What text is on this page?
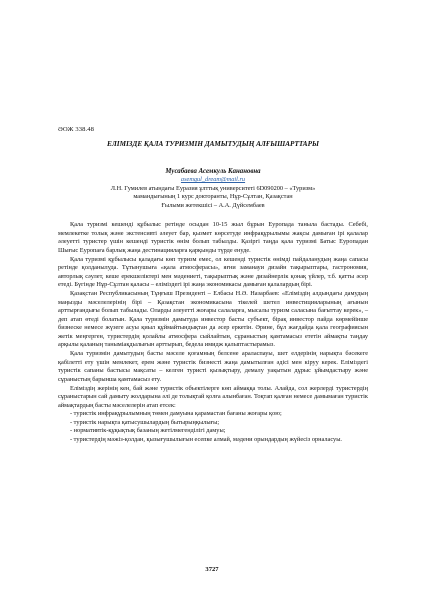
ӘОЖ 338.48
ЕЛІМІЗДЕ ҚАЛА ТУРИЗМІН ДАМЫТУДЫҢ АЛҒЫШАРТТАРЫ
Мусабаева Асемкуль Канановна
asemgul_dream@mail.ru
Л.Н. Гумилев атындағы Еуразия ұлттық университеті 6D090200 – «Туризм»
мамандығының 1 курс докторанты, Нұр-Сұлтан, Қазақстан
Ғылыми жетекшісі – А.А. Дүйсембаев

Қала туризмі кешенді құбылыс ретінде осыдан 10-15 жыл бұрын Еуропада танылa бастады. Себебі, мемлекетке толық және экстенсивті әлеует бар, қызмет көрсетуде инфрақұрылымы жақсы дамыған ірі қалалар әлеуетті туристер үшін кешенді туристік өнім болып табылды. Қазіргі таңда қала туризмі Батыс Еуропадан Шығыс Еуропаға барлық жаңа дестинацияларға қарқынды түрде енуде.

Қала туризмі құбылысы қаладағы көп туризм емес, ол кешенді туристік өнімді пайдаланудың жаңа сапасы ретінде қолданылуда. Тұтынушыға «қала атмосферасы», яғни заманауи дизайн тақырыптары, гастрономия, авторлық сәулет, кеше ерекшеліктері мен мәдениеті, тақырыптық және дизайнерлік қонақ үйлер, т.б. қатты әсер етеді. Бүгінде Нұр-Сұлтан қаласы – еліміздегі ірі жаңа экономикасы дамыған қалалардың бірі.

Қазақстан Республикасының Тұңғыш Президенті – Елбасы Н.Ә. Назарбаев: «Еліміздің алдындағы дамудың маңызды мәселелерінің бірі – Қазақстан экономикасына тікелей шетел инвестицияларының ағынын арттырғандығы болып табылады. Оларды әлеуетті жоғары салаларға, мысалы туризм саласына бағыттау керек», – деп атап өтеді болатын. Қала туризмін дамытуда инвестор басты субъект, бірақ инвестор пайда көрмейінше бизнеске немесе жүзеге асуы қиыл құймайтындықтан да әсер еркетін. Әрине, бұл жағдайда қала географиясын жетік меңгерген, туристердің қолайлы атмосфера сыйлайтын, сұраныстың қамтамасыз ететін аймақты таңдау арқылы қаланың таныміақдылығын арттырып, бедела имидж қалыптастырамыз.

Қала туризмін дамытудың басты мәселе қоғамның белсене араласпауы, шет елдерінің нарықта бәсекеге қабілетті ету үшін мемлекет, ерем және туристік бизнесті жаңа дамытылған әдісі мен кіруу керек. Еліміздегі туристік сапаны бастысы мақсаты – келген туристі қызықтыру, демалу уақытын дұрыс ұйымдастыру және сұраныстың барынша қамтамасыз ету.

Еліміздің жерінің кен, бай және туристік объектілерге көп аймаққа толы. Алайда, сол жерлерді туристердің сұраныстарын сай дамыту жолдарына әлі де толықтай қолға алынбаған. Тоқтап қалған немесе дамымаған туристік аймақтардың басты мәселелерін атап етсек:

- туристік инфрақұрылымның төмен дамуына қарамастан бағаны жоғары қою;
- туристік нарықта қатысушылардың бытырыңқылығы;
- нормативтік-құқықтық базаның жетілмегенділігі дамуы;
- туристердің мәжіз-қолдан, қызығушылығын есепке алмай, мәдени орындардың жүйесіз орналасуы.
3727
